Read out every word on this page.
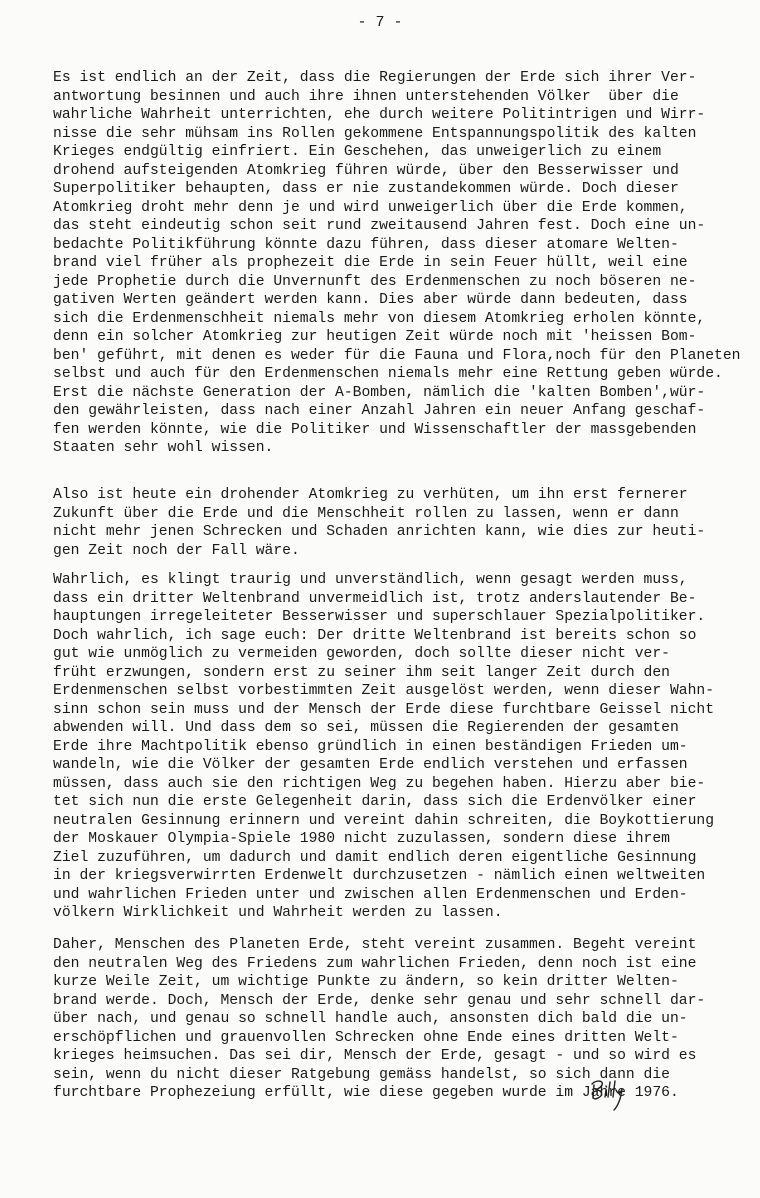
- 7 -
Es ist endlich an der Zeit, dass die Regierungen der Erde sich ihrer Ver-
antwortung besinnen und auch ihre ihnen unterstehenden Völker  über die
wahrliche Wahrheit unterrichten, ehe durch weitere Politintrigen und Wirr-
nisse die sehr mühsam ins Rollen gekommene Entspannungspolitik des kalten
Krieges endgültig einfriert. Ein Geschehen, das unweigerlich zu einem
drohend aufsteigenden Atomkrieg führen würde, über den Besserwisser und
Superpolitiker behaupten, dass er nie zustandekommen würde. Doch dieser
Atomkrieg droht mehr denn je und wird unweigerlich über die Erde kommen,
das steht eindeutig schon seit rund zweitausend Jahren fest. Doch eine un-
bedachte Politikführung könnte dazu führen, dass dieser atomare Welten-
brand viel früher als prophezeit die Erde in sein Feuer hüllt, weil eine
jede Prophetie durch die Unvernunft des Erdenmenschen zu noch böseren ne-
gativen Werten geändert werden kann. Dies aber würde dann bedeuten, dass
sich die Erdenmenschheit niemals mehr von diesem Atomkrieg erholen könnte,
denn ein solcher Atomkrieg zur heutigen Zeit würde noch mit 'heissen Bom-
ben' geführt, mit denen es weder für die Fauna und Flora,noch für den Planeten
selbst und auch für den Erdenmenschen niemals mehr eine Rettung geben würde.
Erst die nächste Generation der A-Bomben, nämlich die 'kalten Bomben',wür-
den gewährleisten, dass nach einer Anzahl Jahren ein neuer Anfang geschaf-
fen werden könnte, wie die Politiker und Wissenschaftler der massgebenden
Staaten sehr wohl wissen.
Also ist heute ein drohender Atomkrieg zu verhüten, um ihn erst fernerer
Zukunft über die Erde und die Menschheit rollen zu lassen, wenn er dann
nicht mehr jenen Schrecken und Schaden anrichten kann, wie dies zur heuti-
gen Zeit noch der Fall wäre.
Wahrlich, es klingt traurig und unverständlich, wenn gesagt werden muss,
dass ein dritter Weltenbrand unvermeidlich ist, trotz anderslautender Be-
hauptungen irregeleiteter Besserwisser und superschlauer Spezialpolitiker.
Doch wahrlich, ich sage euch: Der dritte Weltenbrand ist bereits schon so
gut wie unmöglich zu vermeiden geworden, doch sollte dieser nicht ver-
früht erzwungen, sondern erst zu seiner ihm seit langer Zeit durch den
Erdenmenschen selbst vorbestimmten Zeit ausgelöst werden, wenn dieser Wahn-
sinn schon sein muss und der Mensch der Erde diese furchtbare Geissel nicht
abwenden will. Und dass dem so sei, müssen die Regierenden der gesamten
Erde ihre Machtpolitik ebenso gründlich in einen beständigen Frieden um-
wandeln, wie die Völker der gesamten Erde endlich verstehen und erfassen
müssen, dass auch sie den richtigen Weg zu begehen haben. Hierzu aber bie-
tet sich nun die erste Gelegenheit darin, dass sich die Erdenvölker einer
neutralen Gesinnung erinnern und vereint dahin schreiten, die Boykottierung
der Moskauer Olympia-Spiele 1980 nicht zuzulassen, sondern diese ihrem
Ziel zuzuführen, um dadurch und damit endlich deren eigentliche Gesinnung
in der kriegsverwirrten Erdenwelt durchzusetzen - nämlich einen weltweiten
und wahrlichen Frieden unter und zwischen allen Erdenmenschen und Erden-
völkern Wirklichkeit und Wahrheit werden zu lassen.
Daher, Menschen des Planeten Erde, steht vereint zusammen. Begeht vereint
den neutralen Weg des Friedens zum wahrlichen Frieden, denn noch ist eine
kurze Weile Zeit, um wichtige Punkte zu ändern, so kein dritter Welten-
brand werde. Doch, Mensch der Erde, denke sehr genau und sehr schnell dar-
über nach, und genau so schnell handle auch, ansonsten dich bald die un-
erschöpflichen und grauenvollen Schrecken ohne Ende eines dritten Welt-
krieges heimsuchen. Das sei dir, Mensch der Erde, gesagt - und so wird es
sein, wenn du nicht dieser Ratgebung gemäss handelst, so sich dann die
furchtbare Prophezeiung erfüllt, wie diese gegeben wurde im Jahre 1976.
